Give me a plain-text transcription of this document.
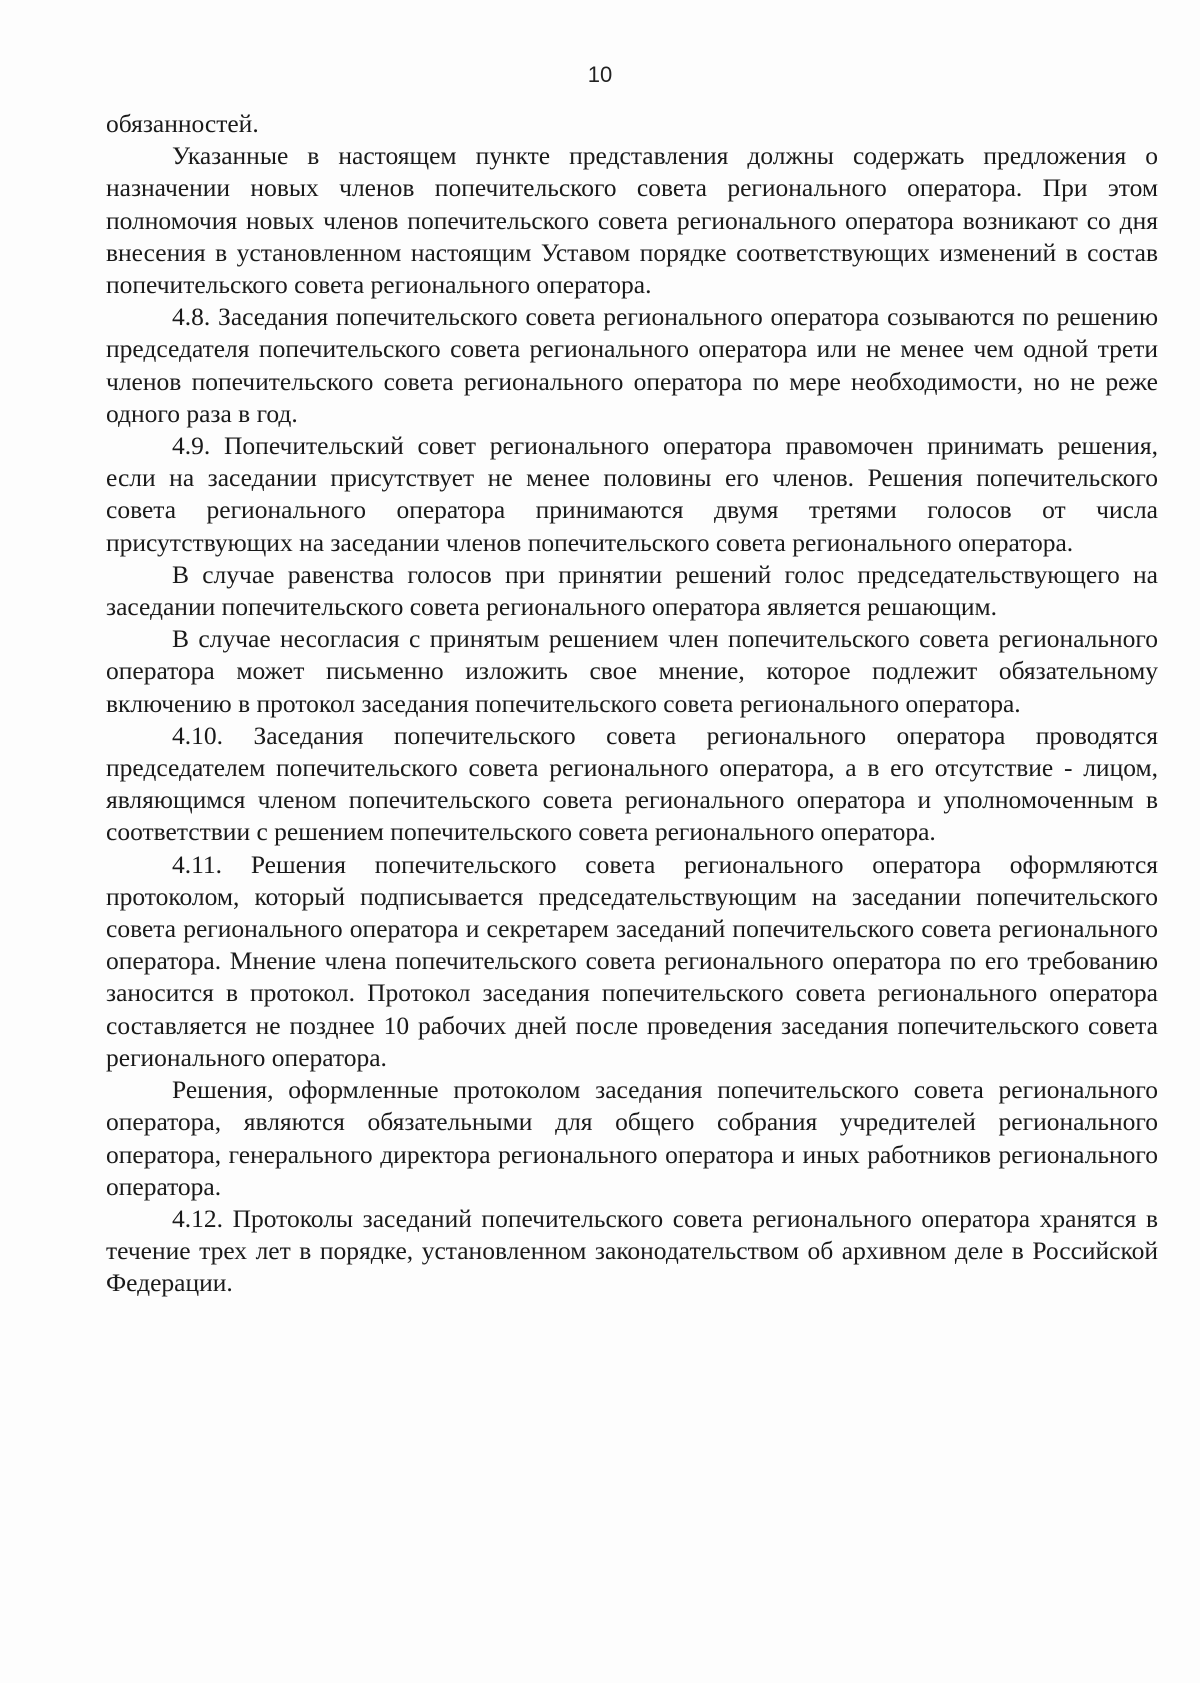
10

обязанностей.

Указанные в настоящем пункте представления должны содержать предложения о назначении новых членов попечительского совета регионального оператора. При этом полномочия новых членов попечительского совета регионального оператора возникают со дня внесения в установленном настоящим Уставом порядке соответствующих изменений в состав попечительского совета регионального оператора.

4.8. Заседания попечительского совета регионального оператора созываются по решению председателя попечительского совета регионального оператора или не менее чем одной трети членов попечительского совета регионального оператора по мере необходимости, но не реже одного раза в год.

4.9. Попечительский совет регионального оператора правомочен принимать решения, если на заседании присутствует не менее половины его членов. Решения попечительского совета регионального оператора принимаются двумя третями голосов от числа присутствующих на заседании членов попечительского совета регионального оператора.

В случае равенства голосов при принятии решений голос председательствующего на заседании попечительского совета регионального оператора является решающим.

В случае несогласия с принятым решением член попечительского совета регионального оператора может письменно изложить свое мнение, которое подлежит обязательному включению в протокол заседания попечительского совета регионального оператора.

4.10. Заседания попечительского совета регионального оператора проводятся председателем попечительского совета регионального оператора, а в его отсутствие - лицом, являющимся членом попечительского совета регионального оператора и уполномоченным в соответствии с решением попечительского совета регионального оператора.

4.11. Решения попечительского совета регионального оператора оформляются протоколом, который подписывается председательствующим на заседании попечительского совета регионального оператора и секретарем заседаний попечительского совета регионального оператора. Мнение члена попечительского совета регионального оператора по его требованию заносится в протокол. Протокол заседания попечительского совета регионального оператора составляется не позднее 10 рабочих дней после проведения заседания попечительского совета регионального оператора.

Решения, оформленные протоколом заседания попечительского совета регионального оператора, являются обязательными для общего собрания учредителей регионального оператора, генерального директора регионального оператора и иных работников регионального оператора.

4.12. Протоколы заседаний попечительского совета регионального оператора хранятся в течение трех лет в порядке, установленном законодательством об архивном деле в Российской Федерации.
